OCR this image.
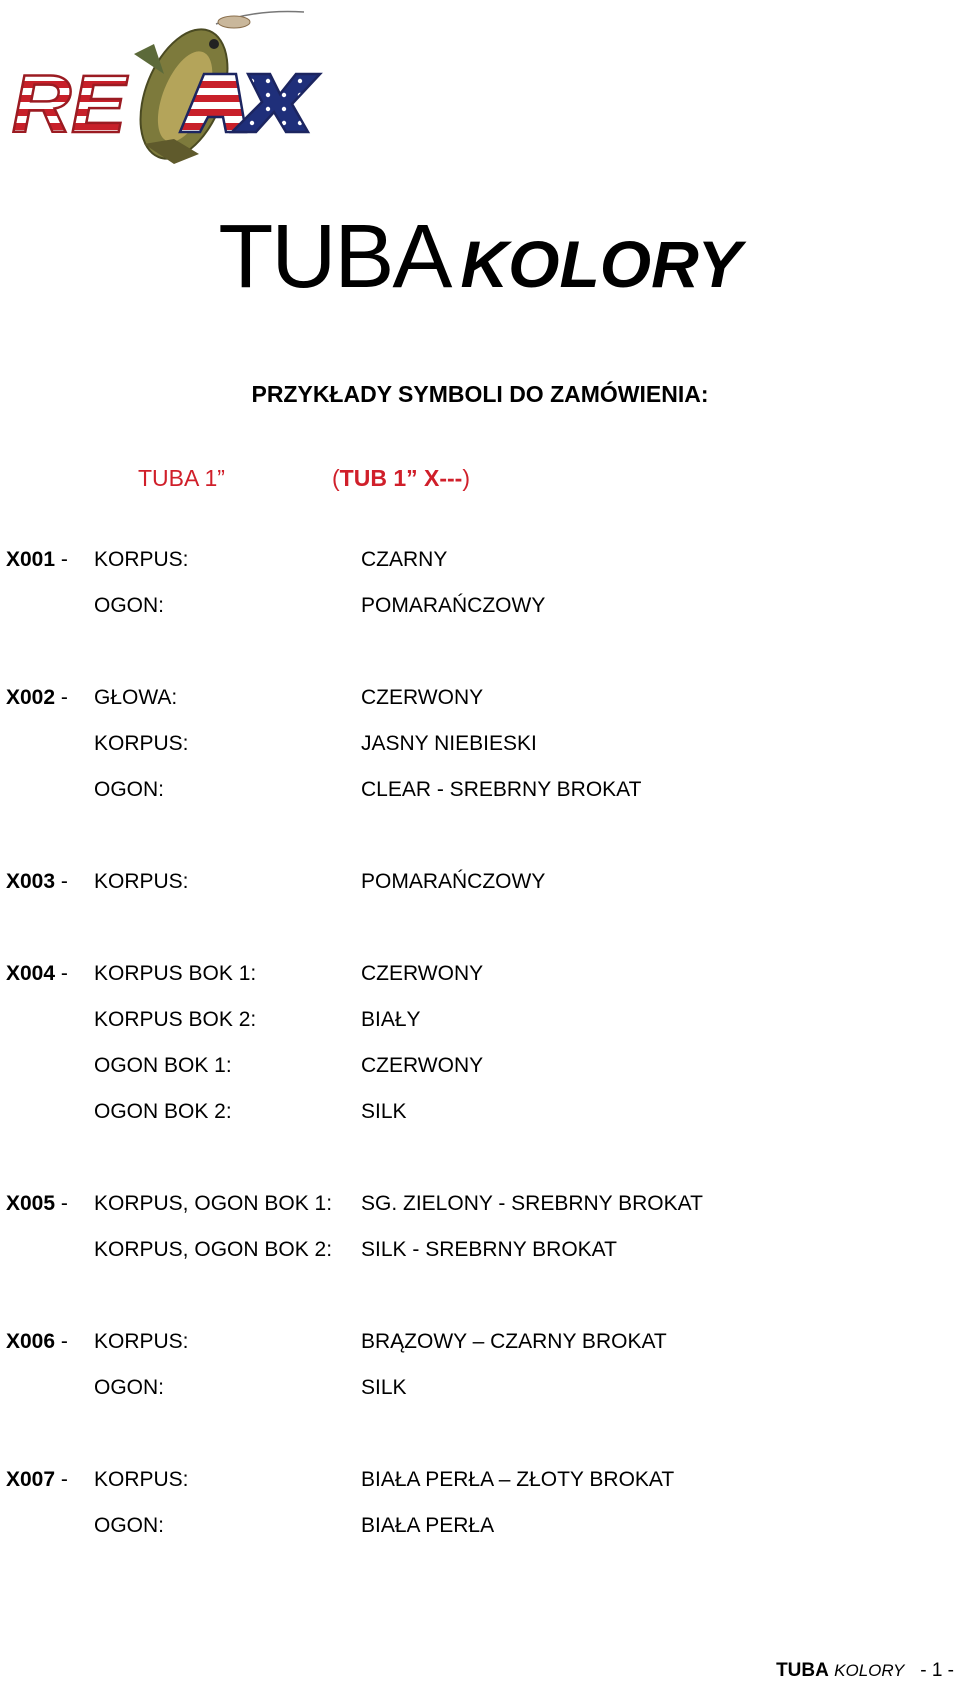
RE
TUBA KOLORY
PRZYKŁADY SYMBOLI DO ZAMÓWIENIA:
TUBA 1”	(TUB 1” X---)
X001 - KORPUS:	CZARNY
OGON:	POMARAŃCZOWY
X002 - GŁOWA:	CZERWONY
KORPUS:	JASNY NIEBIESKI
OGON:	CLEAR - SREBRNY BROKAT
X003 - KORPUS:	POMARAŃCZOWY
X004 - KORPUS BOK 1:	CZERWONY
KORPUS BOK 2:	BIAŁY
OGON BOK 1:	CZERWONY
OGON BOK 2:	SILK
X005 - KORPUS, OGON BOK 1: SG. ZIELONY - SREBRNY BROKAT
KORPUS, OGON BOK 2: SILK - SREBRNY BROKAT
X006 - KORPUS:	BRĄZOWY – CZARNY BROKAT
OGON:	SILK
X007 - KORPUS:	BIAŁA PERŁA – ZŁOTY BROKAT
OGON:	BIAŁA PERŁA
TUBA KOLORY - 1 -
